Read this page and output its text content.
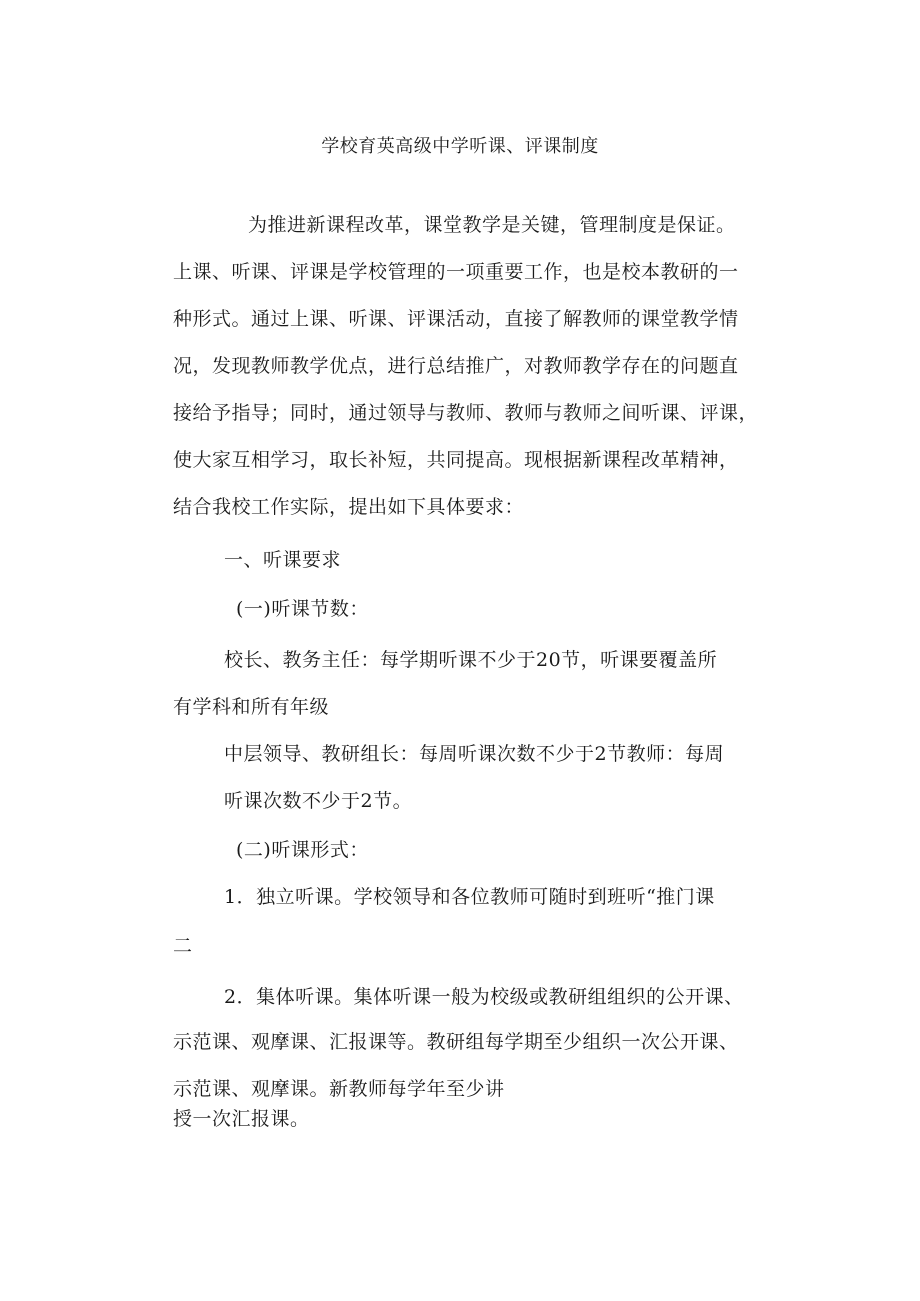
学校育英高级中学听课、评课制度
为推进新课程改革，课堂教学是关键，管理制度是保证。
上课、听课、评课是学校管理的一项重要工作，也是校本教研的一
种形式。通过上课、听课、评课活动，直接了解教师的课堂教学情
况，发现教师教学优点，进行总结推广，对教师教学存在的问题直
接给予指导；同时，通过领导与教师、教师与教师之间听课、评课，
使大家互相学习，取长补短，共同提高。现根据新课程改革精神，
结合我校工作实际，提出如下具体要求：
一、听课要求
(一)听课节数：
校长、教务主任：每学期听课不少于20节，听课要覆盖所
有学科和所有年级
中层领导、教研组长：每周听课次数不少于2节教师：每周
听课次数不少于2节。
(二)听课形式：
1．独立听课。学校领导和各位教师可随时到班听“推门课
二
2．集体听课。集体听课一般为校级或教研组组织的公开课、
示范课、观摩课、汇报课等。教研组每学期至少组织一次公开课、
示范课、观摩课。新教师每学年至少讲
授一次汇报课。
